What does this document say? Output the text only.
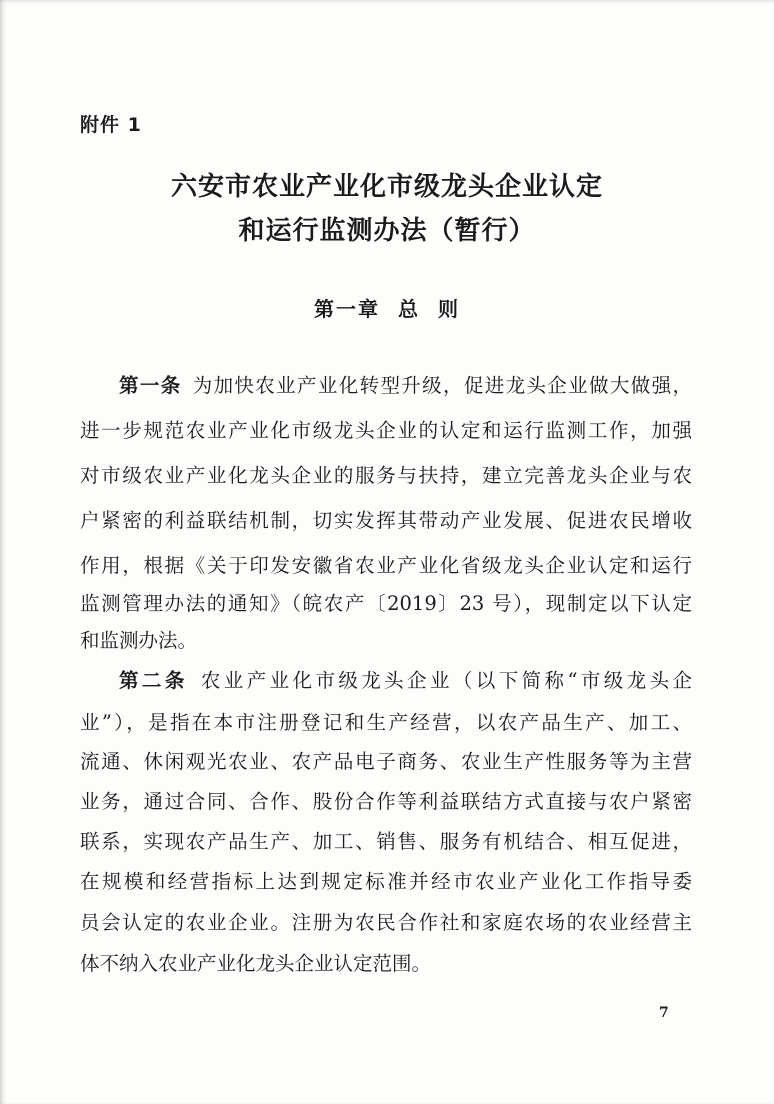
附件 1
六安市农业产业化市级龙头企业认定
和运行监测办法（暂行）
第一章 总 则
第一条  为加快农业产业化转型升级，促进龙头企业做大做强，
进一步规范农业产业化市级龙头企业的认定和运行监测工作，加强
对市级农业产业化龙头企业的服务与扶持，建立完善龙头企业与农
户紧密的利益联结机制，切实发挥其带动产业发展、促进农民增收
作用，根据《关于印发安徽省农业产业化省级龙头企业认定和运行
监测管理办法的通知》（皖农产〔2019〕23 号），现制定以下认定
和监测办法。
第二条  农业产业化市级龙头企业（以下简称“市级龙头企
业”），是指在本市注册登记和生产经营，以农产品生产、加工、
流通、休闲观光农业、农产品电子商务、农业生产性服务等为主营
业务，通过合同、合作、股份合作等利益联结方式直接与农户紧密
联系，实现农产品生产、加工、销售、服务有机结合、相互促进，
在规模和经营指标上达到规定标准并经市农业产业化工作指导委
员会认定的农业企业。注册为农民合作社和家庭农场的农业经营主
体不纳入农业产业化龙头企业认定范围。
7
